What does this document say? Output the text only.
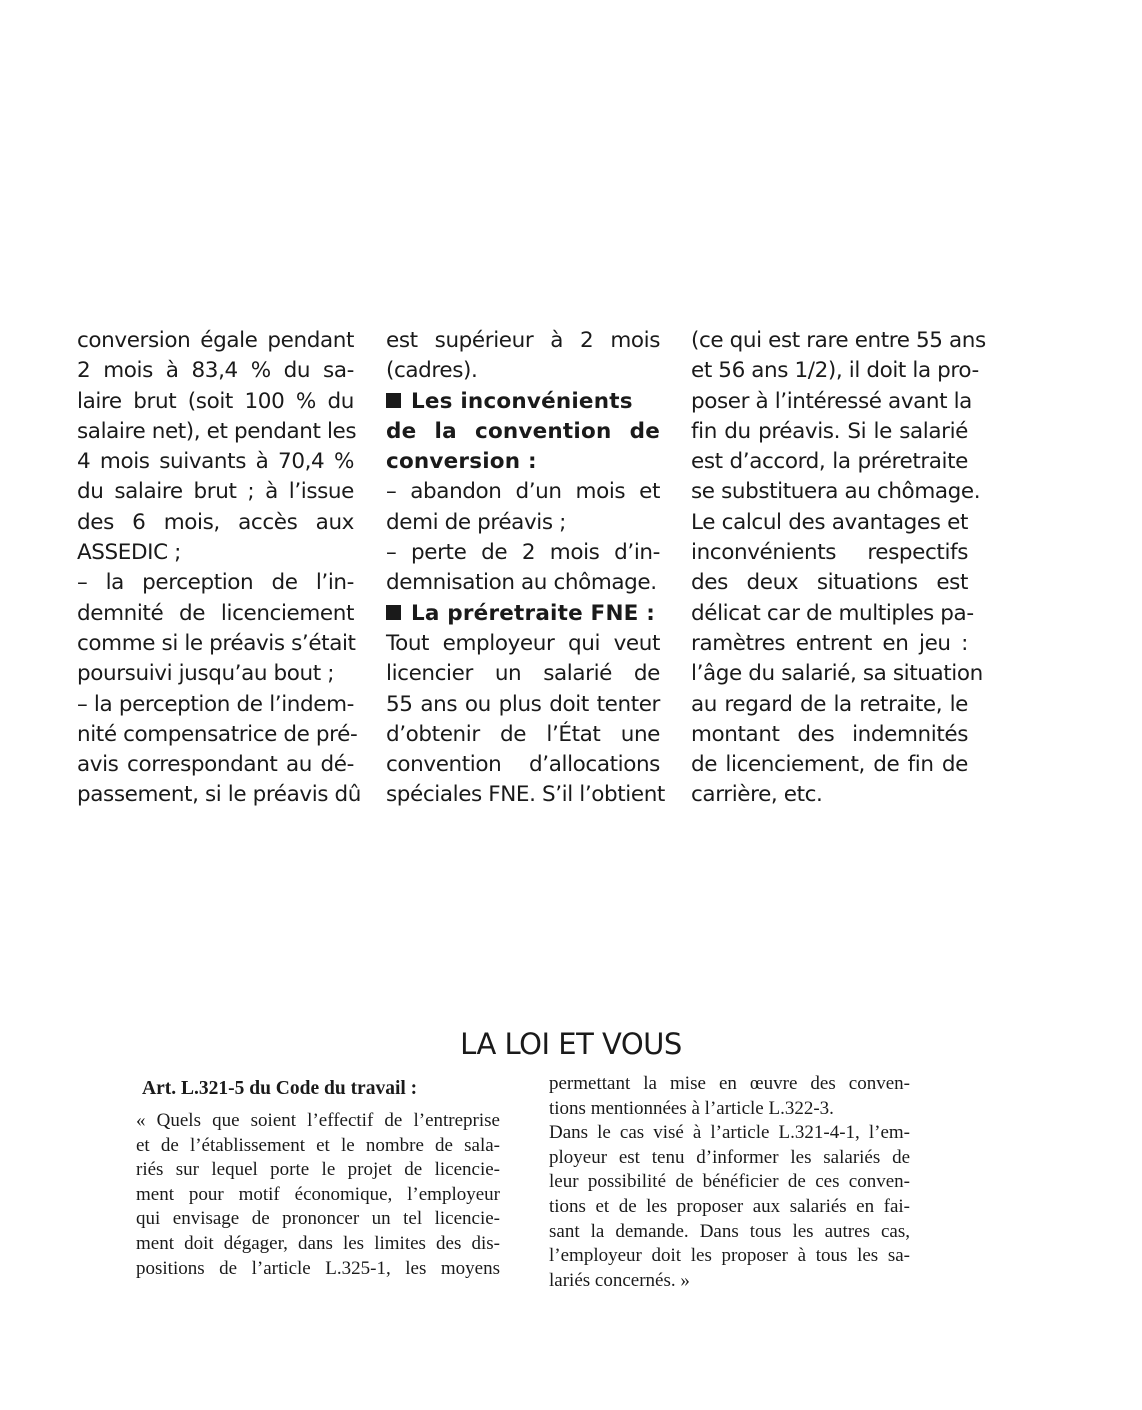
conversion égale pendant
2 mois à 83,4 % du sa-
laire brut (soit 100 % du
salaire net), et pendant les
4 mois suivants à 70,4 %
du salaire brut ; à l’issue
des 6 mois, accès aux
ASSEDIC ;
– la perception de l’in-
demnité de licenciement
comme si le préavis s’était
poursuivi jusqu’au bout ;
– la perception de l’indem-
nité compensatrice de pré-
avis correspondant au dé-
passement, si le préavis dû
est supérieur à 2 mois
(cadres).
Les inconvénients
de la convention de
conversion :
– abandon d’un mois et
demi de préavis ;
– perte de 2 mois d’in-
demnisation au chômage.
La préretraite FNE :
Tout employeur qui veut
licencier un salarié de
55 ans ou plus doit tenter
d’obtenir de l’État une
convention d’allocations
spéciales FNE. S’il l’obtient
(ce qui est rare entre 55 ans
et 56 ans 1/2), il doit la pro-
poser à l’intéressé avant la
fin du préavis. Si le salarié
est d’accord, la préretraite
se substituera au chômage.
Le calcul des avantages et
inconvénients respectifs
des deux situations est
délicat car de multiples pa-
ramètres entrent en jeu :
l’âge du salarié, sa situation
au regard de la retraite, le
montant des indemnités
de licenciement, de fin de
carrière, etc.
LA LOI ET VOUS
Art. L.321-5 du Code du travail :
« Quels que soient l’effectif de l’entreprise
et de l’établissement et le nombre de sala-
riés sur lequel porte le projet de licencie-
ment pour motif économique, l’employeur
qui envisage de prononcer un tel licencie-
ment doit dégager, dans les limites des dis-
positions de l’article L.325-1, les moyens
permettant la mise en œuvre des conven-
tions mentionnées à l’article L.322-3.
Dans le cas visé à l’article L.321-4-1, l’em-
ployeur est tenu d’informer les salariés de
leur possibilité de bénéficier de ces conven-
tions et de les proposer aux salariés en fai-
sant la demande. Dans tous les autres cas,
l’employeur doit les proposer à tous les sa-
lariés concernés. »
